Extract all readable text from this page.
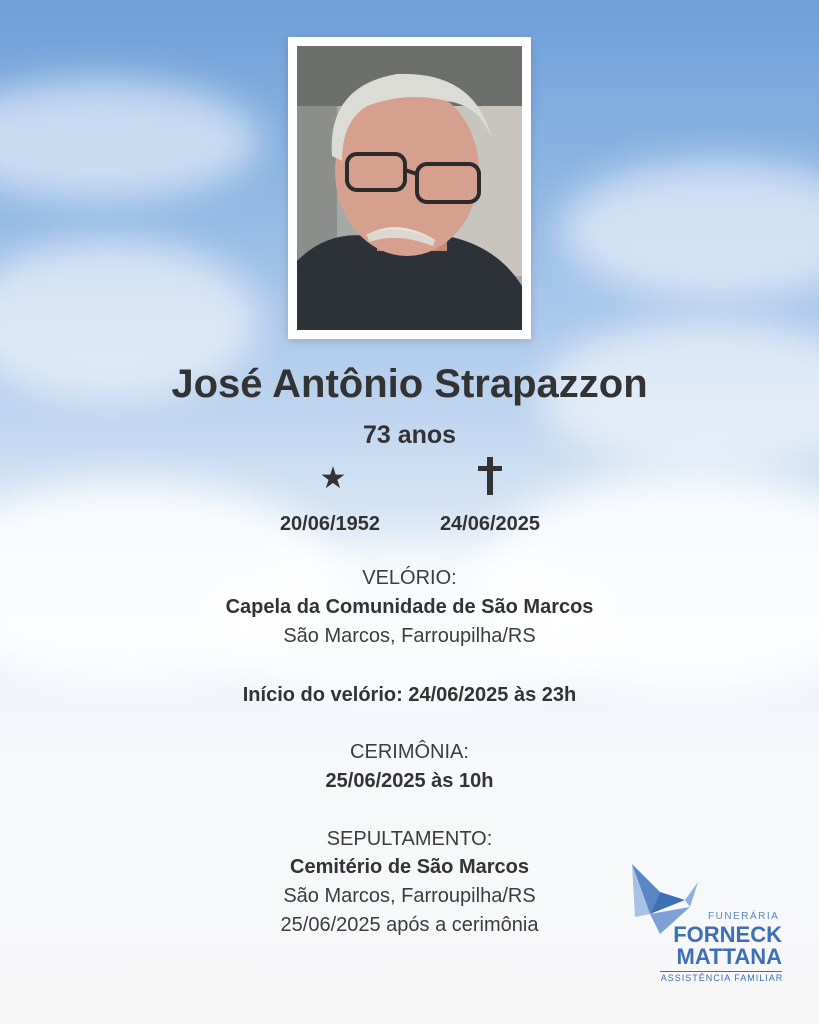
José Antônio Strapazzon
73 anos
★
20/06/1952	24/06/2025
VELÓRIO:
Capela da Comunidade de São Marcos
São Marcos, Farroupilha/RS
Início do velório: 24/06/2025 às 23h
CERIMÔNIA:
25/06/2025 às 10h
SEPULTAMENTO:
Cemitério de São Marcos
São Marcos, Farroupilha/RS
25/06/2025 após a cerimônia	FUNERÁRIA
FORNECK
MATTANA
ASSISTÊNCIA FAMILIAR
